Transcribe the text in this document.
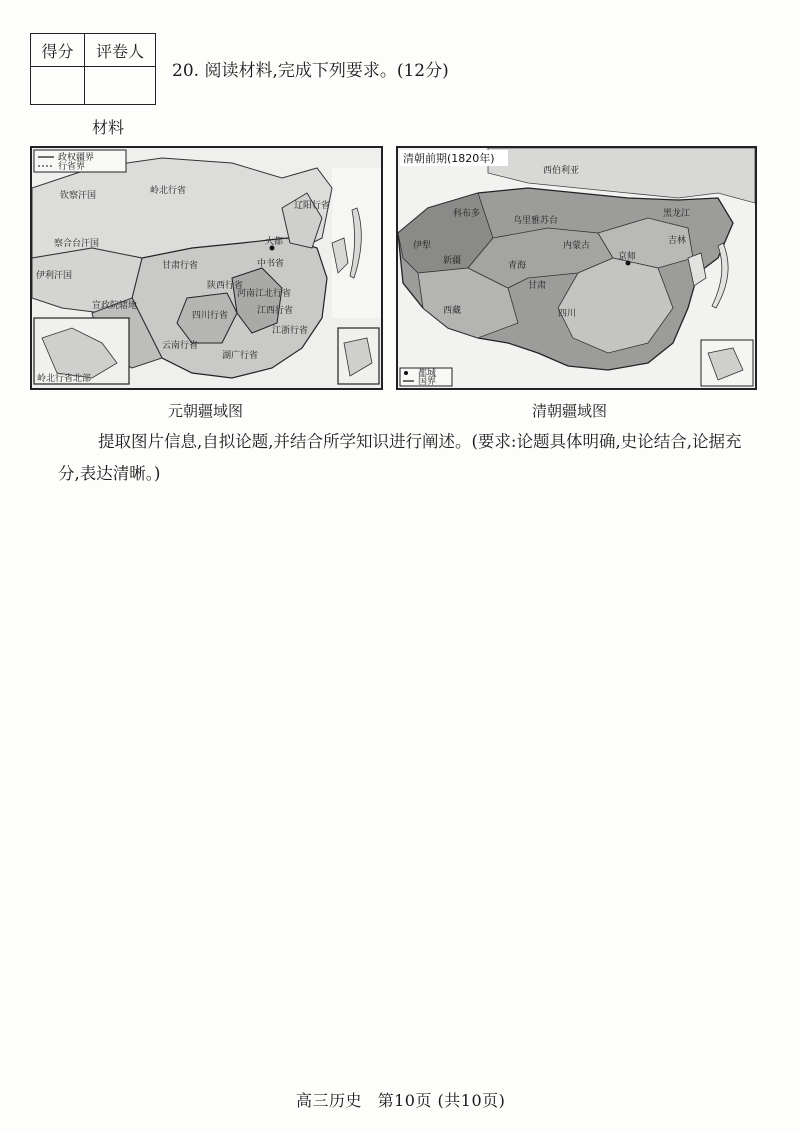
得分	评卷人

20. 阅读材料,完成下列要求。(12分)
材料
政权疆界
行省界
钦察汗国	岭北行省
察合台汗国
伊利汗国
宣政院辖地
甘肃行省	中书省
辽阳行省
河南江北行省
江浙行省
湖广行省
云南行省
四川行省
陕西行省
江西行省
大都
岭北行省北部	都城
国界
清朝前期(1820年)
西伯利亚
乌里雅苏台
科布多
伊犁
新疆
西藏
青海
内蒙古
京师
四川
甘肃
吉林
黑龙江
元朝疆域图	清朝疆域图
提取图片信息,自拟论题,并结合所学知识进行阐述。(要求:论题具体明确,史论结合,论据充分,表达清晰。)
高三历史 第10页 (共10页)
